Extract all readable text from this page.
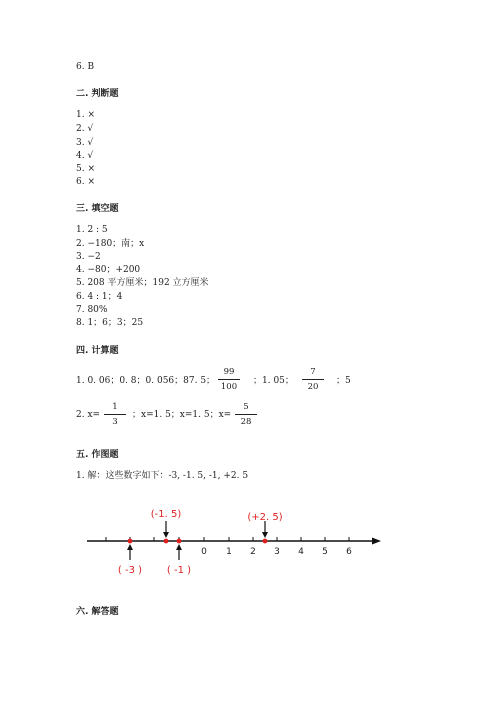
6. B
二. 判断题
1. ×
2. √
3. √
4. √
5. ×
6. ×
三. 填空题
1. 2 : 5
2. −180；南；x
3. −2
4. −80；+200
5. 208 平方厘米；192 立方厘米
6. 4 : 1；4
7. 80%
8. 1；6；3；25
四. 计算题
1. 0. 06；0. 8；0. 056；87. 5；
99
100
；1. 05；
7
20
；5
2. x=
1
3
；x=1. 5；x=1. 5；x=
5
28
五. 作图题
1. 解：这些数字如下：-3, -1. 5, -1, +2. 5
0 1 2 3 4 5 6
(-1. 5)	(+2. 5)
( -3 ) ( -1 )
六. 解答题
